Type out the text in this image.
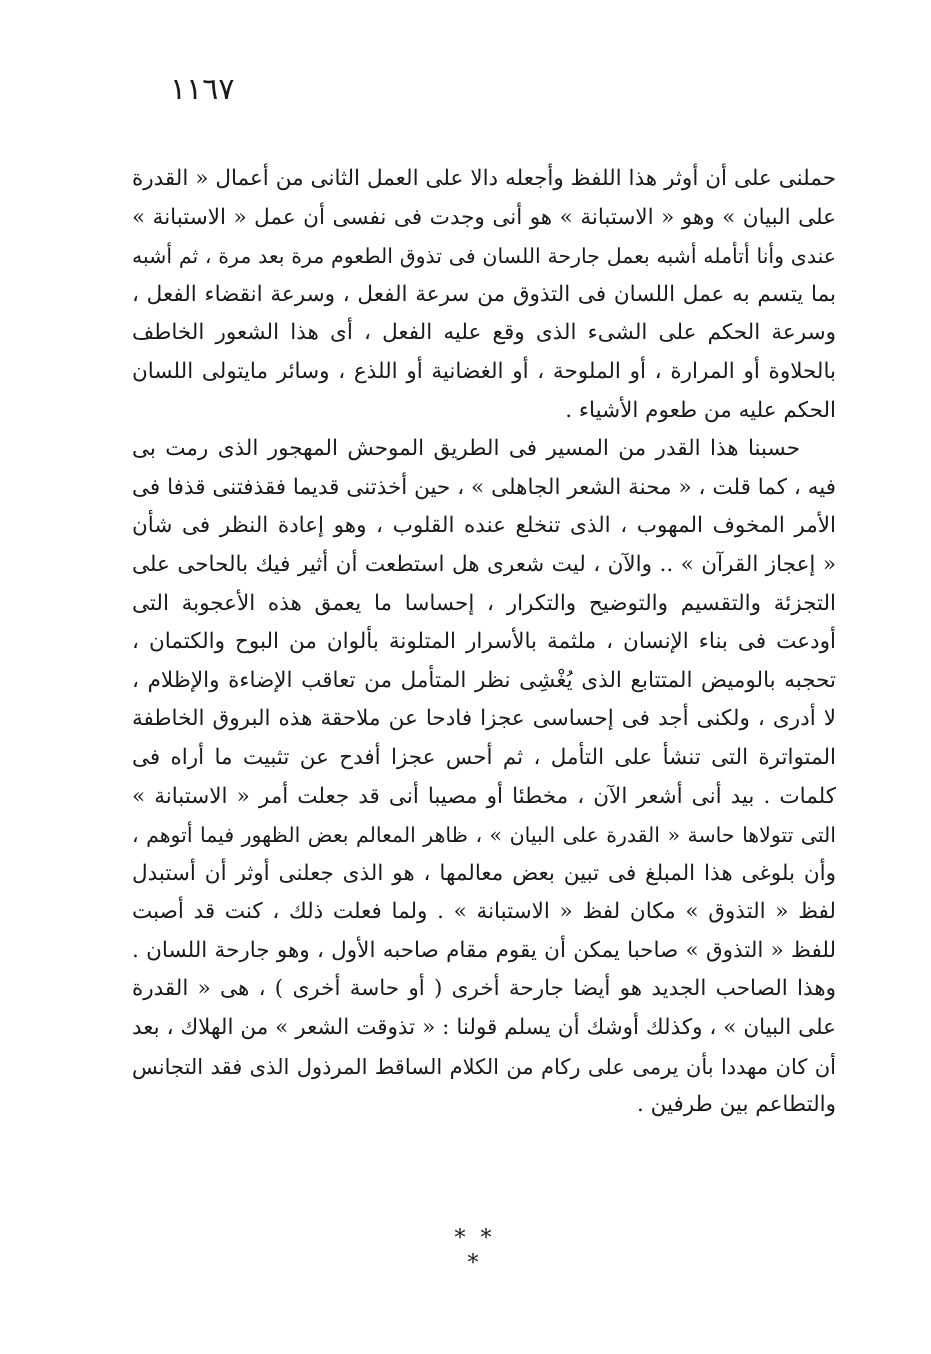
١١٦٧
حملنى على أن أوثر هذا اللفظ وأجعله دالا على العمل الثانى من أعمال « القدرة
على البيان » وهو « الاستبانة » هو أنى وجدت فى نفسى أن عمل « الاستبانة »
عندى وأنا أتأمله أشبه بعمل جارحة اللسان فى تذوق الطعوم مرة بعد مرة ، ثم أشبه
بما يتسم به عمل اللسان فى التذوق من سرعة الفعل ، وسرعة انقضاء الفعل ،
وسرعة الحكم على الشىء الذى وقع عليه الفعل ، أى هذا الشعور الخاطف
بالحلاوة أو المرارة ، أو الملوحة ، أو الغضانية أو اللذع ، وسائر مايتولى اللسان
الحكم عليه من طعوم الأشياء .
حسبنا هذا القدر من المسير فى الطريق الموحش المهجور الذى رمت بى
فيه ، كما قلت ، « محنة الشعر الجاهلى » ، حين أخذتنى قديما فقذفتنى قذفا فى
الأمر المخوف المهوب ، الذى تنخلع عنده القلوب ، وهو إعادة النظر فى شأن
« إعجاز القرآن » .. والآن ، ليت شعرى هل استطعت أن أثير فيك بالحاحى على
التجزئة والتقسيم والتوضيح والتكرار ، إحساسا ما يعمق هذه الأعجوبة التى
أودعت فى بناء الإنسان ، ملثمة بالأسرار المتلونة بألوان من البوح والكتمان ،
تحجبه بالوميض المتتابع الذى يُغْشِى نظر المتأمل من تعاقب الإضاءة والإظلام ،
لا أدرى ، ولكنى أجد فى إحساسى عجزا فادحا عن ملاحقة هذه البروق الخاطفة
المتواترة التى تنشأ على التأمل ، ثم أحس عجزا أفدح عن تثبيت ما أراه فى
كلمات . بيد أنى أشعر الآن ، مخطئا أو مصيبا أنى قد جعلت أمر « الاستبانة »
التى تتولاها حاسة « القدرة على البيان » ، ظاهر المعالم بعض الظهور فيما أتوهم ،
وأن بلوغى هذا المبلغ فى تبين بعض معالمها ، هو الذى جعلنى أوثر أن أستبدل
لفظ « التذوق » مكان لفظ « الاستبانة » . ولما فعلت ذلك ، كنت قد أصبت
للفظ « التذوق » صاحبا يمكن أن يقوم مقام صاحبه الأول ، وهو جارحة اللسان .
وهذا الصاحب الجديد هو أيضا جارحة أخرى ( أو حاسة أخرى ) ، هى « القدرة
على البيان » ، وكذلك أوشك أن يسلم قولنا : « تذوقت الشعر » من الهلاك ، بعد
أن كان مهددا بأن يرمى على ركام من الكلام الساقط المرذول الذى فقد التجانس
والتطاعم بين طرفين .
* * *
